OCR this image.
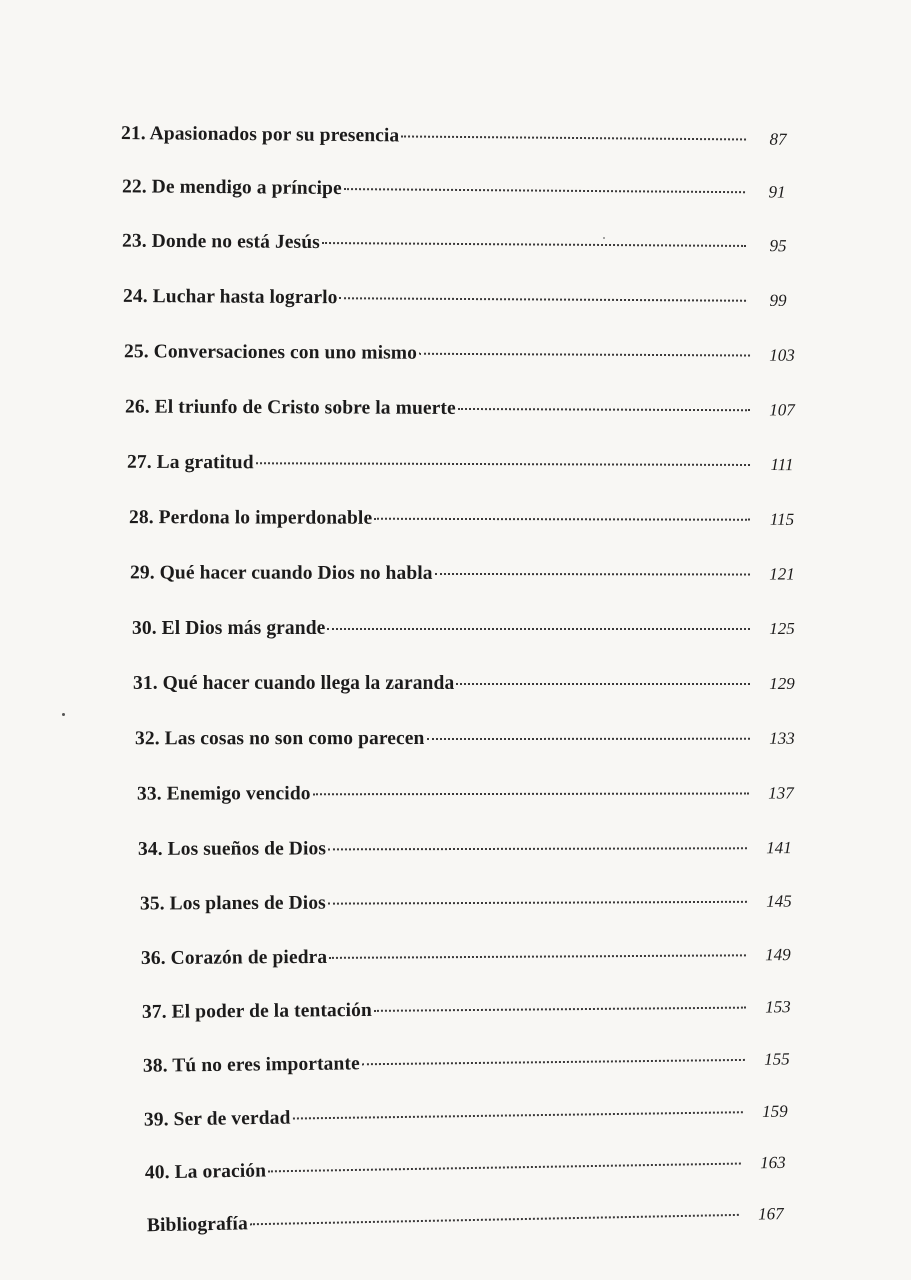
21. Apasionados por su presencia	87
22. De mendigo a príncipe	91
23. Donde no está Jesús	95
24. Luchar hasta lograrlo	99
25. Conversaciones con uno mismo	103
26. El triunfo de Cristo sobre la muerte	107
27. La gratitud	111
28. Perdona lo imperdonable	115
29. Qué hacer cuando Dios no habla	121
30. El Dios más grande	125
31. Qué hacer cuando llega la zaranda	129
32. Las cosas no son como parecen	133
33. Enemigo vencido	137
34. Los sueños de Dios	141
35. Los planes de Dios	145
36. Corazón de piedra	149
37. El poder de la tentación	153
38. Tú no eres importante	155
39. Ser de verdad	159
40. La oración	163
Bibliografía	167
